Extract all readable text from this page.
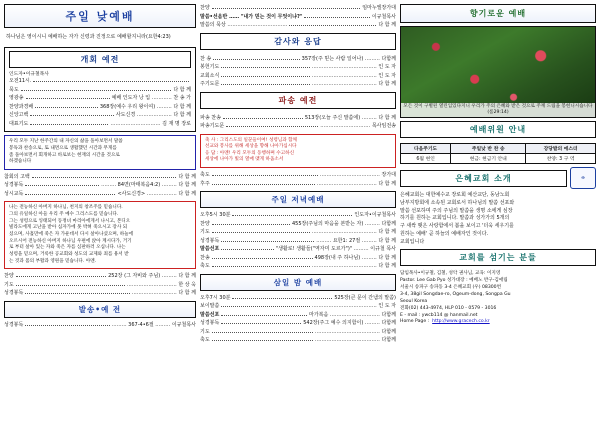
주일 낮예배
하나님은 영이시니 예배하는 자가 신령과 진정으로 예배할지니라(요한4:23)
개회 예전
인도자•이규철목사
오전11시.
묵도	다 함 께
영광송	예배 인도자 낭 입 ………… 찬 송 가
찬양과경배	368장(예수 우리 왕이여) ……… 다 함 께
신앙고백	사도신경 ………………… 다 함 께
대표기도	………………………… 김 재 명 장로
우리 모두 지난 한주간의 내 자신의 삶을 돌아보면서 말씀
봉독과 찬송으로, 또 내면으로 생활했던 시간과 무게를
좀 돌아보면서 회개하고 바로보는 현재의 시간을 것으로
하겠습니다
참회의 고백	다 함 께
성경봉독	……… 84면(마태복음4:2) ……… 다 함 께
성시교독	<사도신경> ……………… 다 함 께
나는 전능하신 아버지 하나님, 천지의 창조주를 믿습니다.
그의 유일하신 아들 우리 주 예수 그리스도를 믿습니다.
그는 성령으로 잉태되어 동정녀 마리아에게서 나시고, 본디오
빌라도에게 고난을 받아 십자가에 못 박혀 죽으시고 장사 되
셨으며, 사흘만에 죽은 자 가운데서 다시 살아나셨으며, 하늘에
오르시어 전능하신 아버지 하나님 우편에 앉아 계시다가, 거기
로 부터 살아 있는 자와 죽은 자를 심판하러 오십니다. 나는
성령을 믿으며, 거룩한 공교회와 성도의 교제와 죄를 용서 받
는 것과 몸의 부활과 영원을 믿습니다. 아멘.
찬양	252장 (그 자비와 주님) ……… 다 함 께
기도	………………………… 한 상 욱
성경봉독	……………………… 다 함 께
발송•예 전
성경봉독	……… 367-4•6절 ……… 이규철목사
찬양	임마누엘장가대
말씀•선음반 …… "내가 믿는 것이 무엇이냐?"	이규철목사
말씀의 묵상 ………………………………	다 함 께
감사와 응답
찬 송	357장(주 믿는 사람 일어나) ……… 다함께
봉헌기도	………………………………… 인 도 자
교회소식	………………………………… 인 도 자
주기도문	………………………………… 다 함 께
파송 예전
파송 찬송	513장(오늘 주신 말씀에) ……… 다 함 께
파송기도문	………………………… 목사임전송
축 사 : 그리스도의 일꾼들이여! 성령님과 함께
선교와 봉사를 위해 세상을 향해 나아가십시다
응 답 : 아멘! 우리 모두의 동행하며 수고하신
세상에 나아가 빛의 열매 맺게 하옵소서
축도	……………………………… 장가대
후주	……………………………… 다 함 께
주일 저녁예배
오후5시 30분	인도자•이규철목사
찬양	455장(주님의 마음을 본받는 자) ……… 다함께
기도	………………………………… 다 함 께
성경봉독	……… 요한1: 27절 ……… 다 함 께
말씀선포	"생활로! 생활들("역자미 도르가")" ……… 이규철 목사
찬송	498장(내 주 하나님) ……… 다 함 께
축도	………………………………… 다 함 께
삼일 밤 예배
오후7시 30분	525장(큰 문이 간냄의 말씀)
보이말씀	………………………………… 인 도 자
말씀선포	마가복음 ………………………… 다함께
성경봉독	542장(주그 예수 의지함이) ……… 다함께
기도	………………………………… 다함께
축도	………………………………… 다함께
향기로운 예배
모든 것이 구별된 열린입있다지니 우리가 주의 은혜와 받은 것으로 주께 드림을 봉헌니시습니다(롬29:14)
예배위원 안내
다음주기도	주일낮 반 찬 송	강당발의 에스더
6월 현인	현금: 현금기 안내	찬양: 3 구 역
은혜교회 소개	✠
은혜교회는 대한예수교 장로회 예산교단, 동남노회
남부지방회에 소속된 교회로서 하나님의 말씀 선포와
말씀 선포하며 주의 주님의 말씀을 생명 소에게 심장
하기를 원하는 교회입니다. 말씀과 성가가의 5개의
구 새싹 맺은 사랑함에서 봄을 보이고 '더욱 세우기를
원하는 예배' 곧 하늘의 예배자인 것이다.
교회입니다
교회를 섬기는 분들
담임목사•이규철, 김철, 성악 권사님, 교육: 이지영
Pastor. Lee Gab Pyo 성가대장 : 예배노 반구-김애림
서울시 송파구 송파동 3-4 은혜교회 (우) 08300번
3-4, 38gil Songdae-ro, Ogeum-dong, Songpa Gu
Seoul Korea
전화(02) 443-4974, HLP 010 - 0579 - 3016
E - mail : ywcb114 @ hanmail.net
Home Page : http://www.gracech.co.kr
